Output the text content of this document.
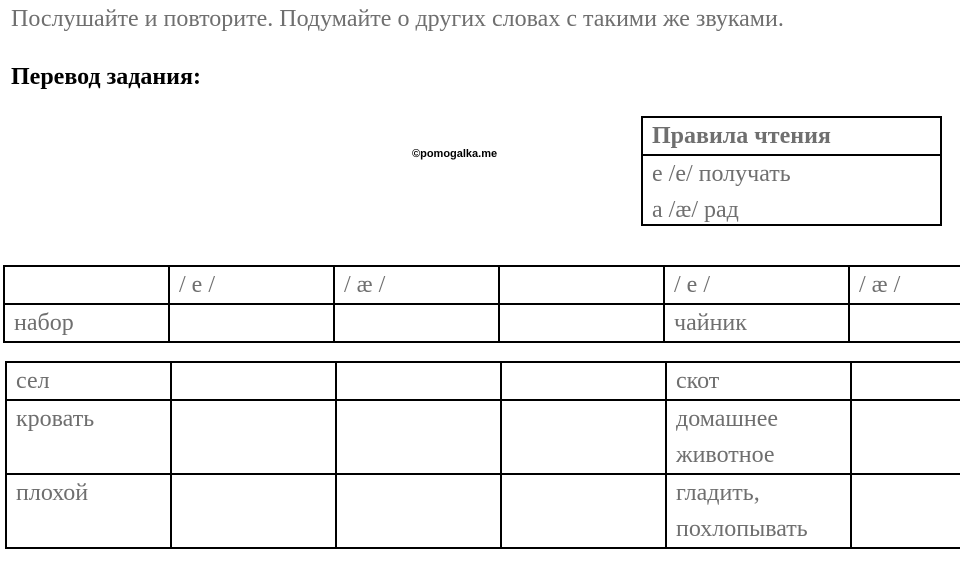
Послушайте и повторите. Подумайте о других словах с такими же звуками.
Перевод задания:
©pomogalka.me
Правила чтения
е /e/ получать
а /æ/ рад
	/ e /	/ æ /		/ e /	/ æ /
набор				чайник	
сел				скот	
кровать				домашнее животное	
плохой				гладить, похлопывать	
